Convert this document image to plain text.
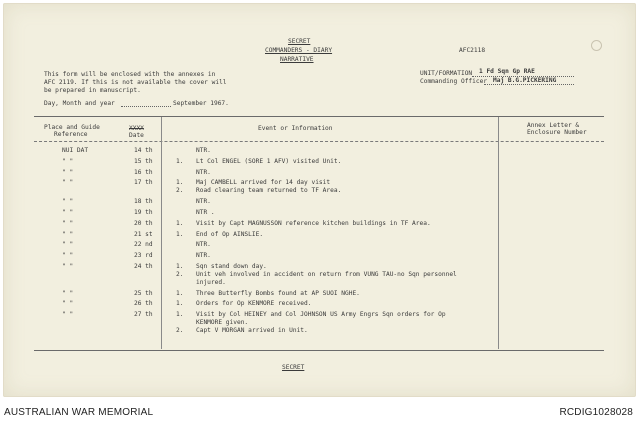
SECRET
COMMANDERS - DIARY
NARRATIVE
AFC2118
This form will be enclosed with the annexes in
AFC 2119. If this is not available the cover will
be prepared in manuscript.
UNIT/FORMATION 1 Fd Sqn Gp RAE
Commanding Officer Maj B.G.PICKERING
Day, Month and year	September 1967.
Place and Guide
Reference
XXXX
Date
Event or Information	Annex Letter &
Enclosure Number
NUI DAT	14 th	NTR.
" "	15 th	1. Lt Col ENGEL (SORE 1 AFV) visited Unit.
" "	16 th	NTR.
" "	17 th	1. Maj CAMBELL arrived for 14 day visit
2. Road clearing team returned to TF Area.
" "	18 th	NTR.
" "	19 th	NTR .
" "	20 th	1. Visit by Capt MAGNUSSON reference kitchen buildings in TF Area.
" "	21 st	1. End of Op AINSLIE.
" "	22 nd	NTR.
" "	23 rd	NTR.
" "	24 th	1. Sqn stand down day.
2. Unit veh involved in accident on return from VUNG TAU-no Sqn personnel
injured.
" "	25 th	1. Three Butterfly Bombs found at AP SUOI NGHE.
" "	26 th	1. Orders for Op KENMORE received.
" "	27 th	1. Visit by Col HEINEY and Col JOHNSON US Army Engrs Sqn orders for Op
KENMORE given.
2. Capt V MORGAN arrived in Unit.
SECRET
AUSTRALIAN WAR MEMORIAL	RCDIG1028028
